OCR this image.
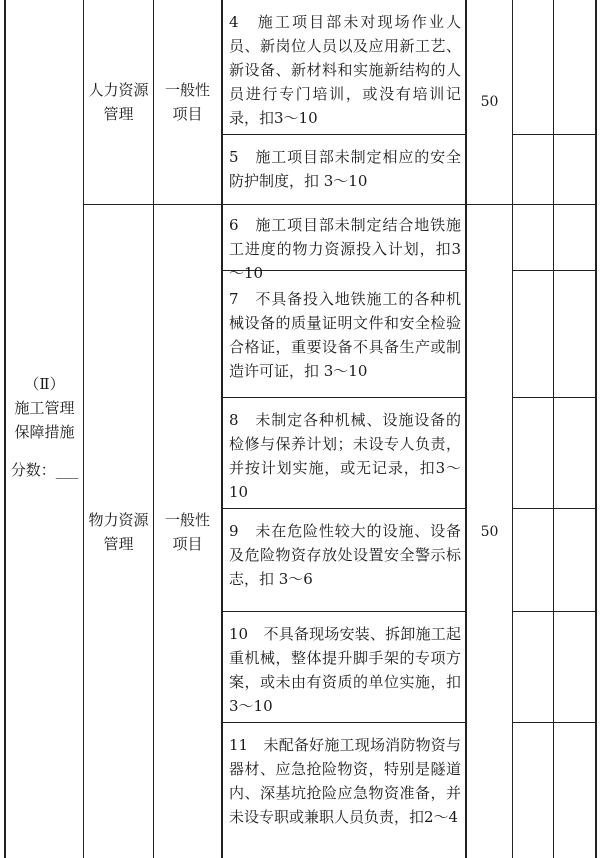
（Ⅱ）
施工管理
保障措施
分数：___
人力资源
管理
一般性
项目
50
4　施工项目部未对现场作业人员、新岗位人员以及应用新工艺、新设备、新材料和实施新结构的人员进行专门培训，或没有培训记录，扣3～10
5　施工项目部未制定相应的安全防护制度，扣 3～10
物力资源
管理
一般性
项目
50
6　施工项目部未制定结合地铁施工进度的物力资源投入计划，扣3～10
7　不具备投入地铁施工的各种机械设备的质量证明文件和安全检验合格证，重要设备不具备生产或制造许可证，扣 3～10
8　未制定各种机械、设施设备的检修与保养计划；未设专人负责，并按计划实施，或无记录，扣3～10
9　未在危险性较大的设施、设备及危险物资存放处设置安全警示标志，扣 3～6
10　不具备现场安装、拆卸施工起重机械，整体提升脚手架的专项方案，或未由有资质的单位实施，扣3～10
11　未配备好施工现场消防物资与器材、应急抢险物资，特别是隧道内、深基坑抢险应急物资准备，并未设专职或兼职人员负责，扣2～4
